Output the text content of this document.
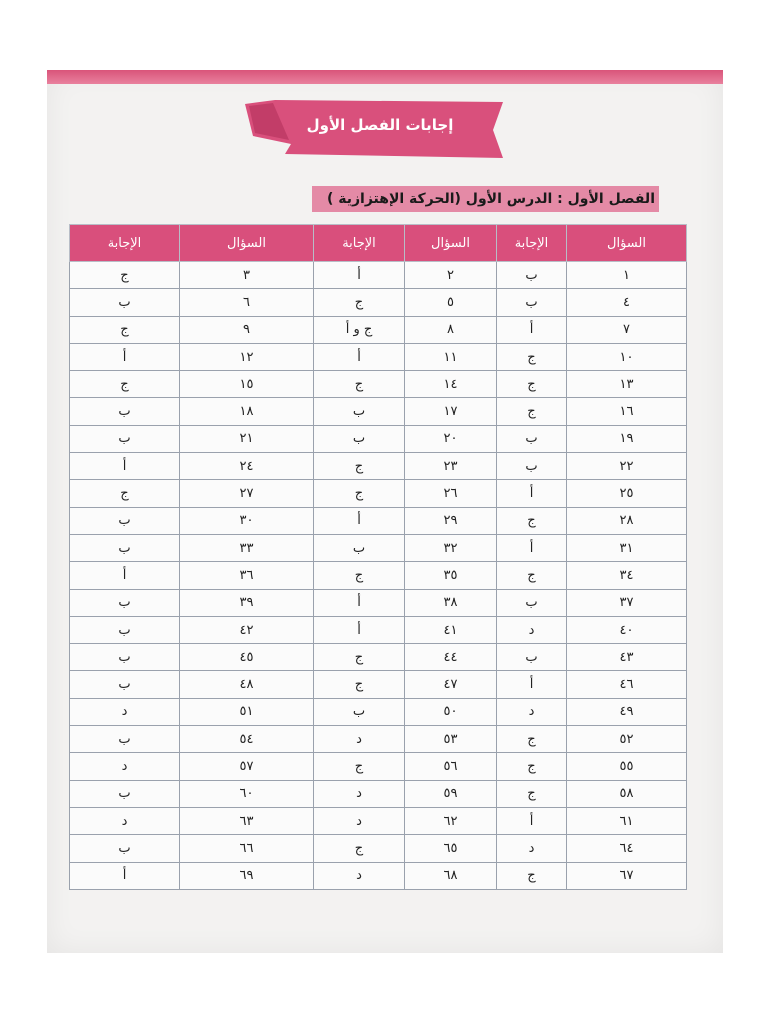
إجابات الفصل الأول
الفصل الأول : الدرس الأول (الحركة الإهتزازية )
السؤال	الإجابة	السؤال	الإجابة	السؤال	الإجابة
١	ب	٢	أ	٣	ج
٤	ب	٥	ج	٦	ب
٧	أ	٨	ج و أ	٩	ج
١٠	ج	١١	أ	١٢	أ
١٣	ج	١٤	ج	١٥	ج
١٦	ج	١٧	ب	١٨	ب
١٩	ب	٢٠	ب	٢١	ب
٢٢	ب	٢٣	ج	٢٤	أ
٢٥	أ	٢٦	ج	٢٧	ج
٢٨	ج	٢٩	أ	٣٠	ب
٣١	أ	٣٢	ب	٣٣	ب
٣٤	ج	٣٥	ج	٣٦	أ
٣٧	ب	٣٨	أ	٣٩	ب
٤٠	د	٤١	أ	٤٢	ب
٤٣	ب	٤٤	ج	٤٥	ب
٤٦	أ	٤٧	ج	٤٨	ب
٤٩	د	٥٠	ب	٥١	د
٥٢	ج	٥٣	د	٥٤	ب
٥٥	ج	٥٦	ج	٥٧	د
٥٨	ج	٥٩	د	٦٠	ب
٦١	أ	٦٢	د	٦٣	د
٦٤	د	٦٥	ج	٦٦	ب
٦٧	ج	٦٨	د	٦٩	أ
